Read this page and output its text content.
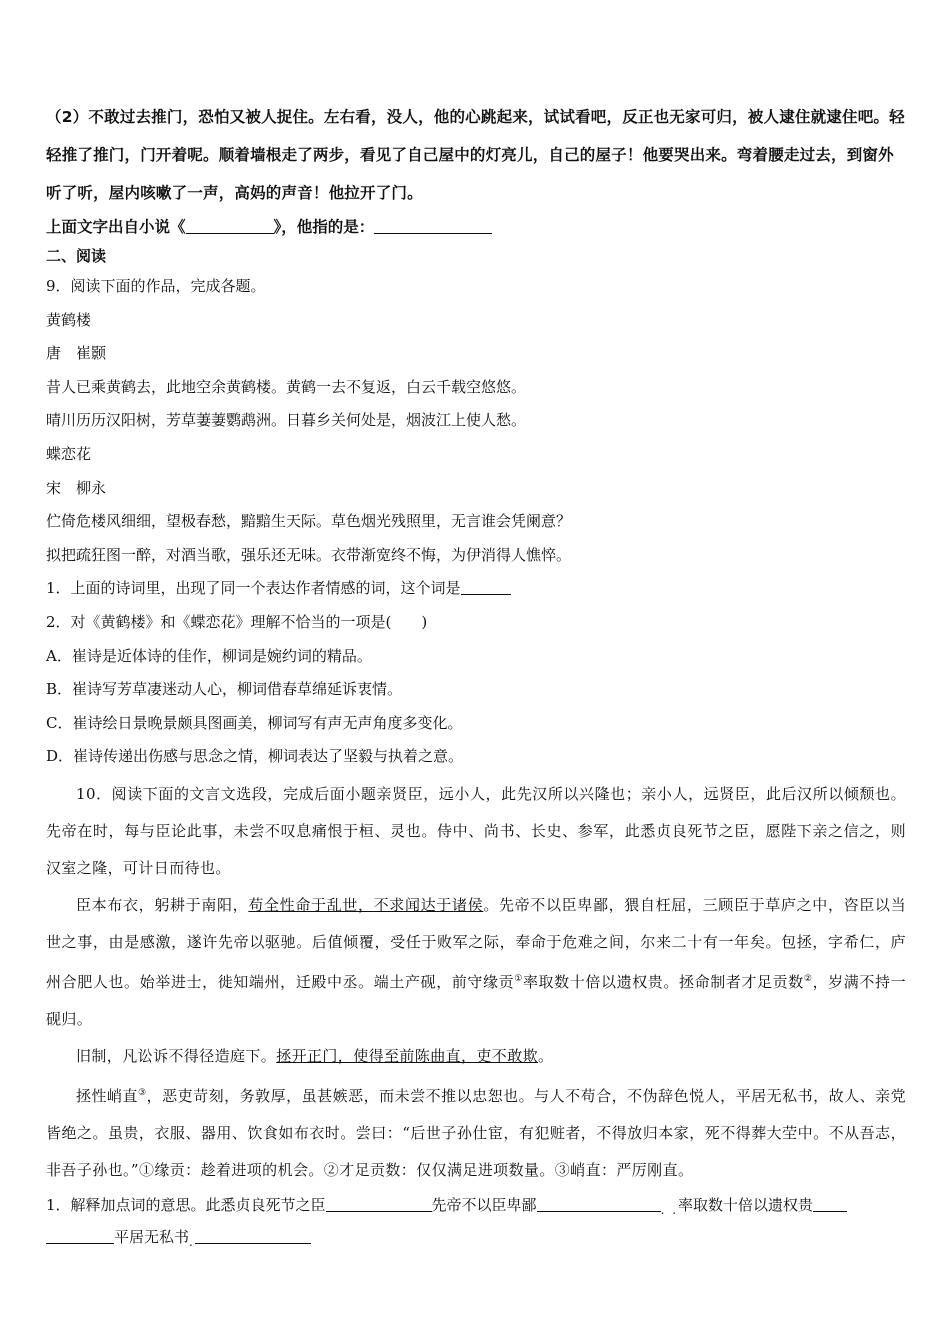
（2）不敢过去推门，恐怕又被人捉住。左右看，没人，他的心跳起来，试试看吧，反正也无家可归，被人逮住就逮住吧。轻轻推了推门，门开着呢。顺着墙根走了两步，看见了自己屋中的灯亮儿，自己的屋子！他要哭出来。弯着腰走过去，到窗外听了听，屋内咳嗽了一声，高妈的声音！他拉开了门。
上面文字出自小说《	》，他指的是：
二、阅读
9．阅读下面的作品，完成各题。
黄鹤楼
唐　崔颢
昔人已乘黄鹤去，此地空余黄鹤楼。黄鹤一去不复返，白云千载空悠悠。
晴川历历汉阳树，芳草萋萋鹦鹉洲。日暮乡关何处是，烟波江上使人愁。
蝶恋花
宋　柳永
伫倚危楼风细细，望极春愁，黯黯生天际。草色烟光残照里，无言谁会凭阑意？
拟把疏狂图一醉，对酒当歌，强乐还无味。衣带渐宽终不悔，为伊消得人憔悴。
1．上面的诗词里，出现了同一个表达作者情感的词，这个词是
2．对《黄鹤楼》和《蝶恋花》理解不恰当的一项是(　　)
A．崔诗是近体诗的佳作，柳词是婉约词的精品。
B．崔诗写芳草凄迷动人心，柳词借春草绵延诉衷情。
C．崔诗绘日景晚景颇具图画美，柳词写有声无声角度多变化。
D．崔诗传递出伤感与思念之情，柳词表达了坚毅与执着之意。
10．阅读下面的文言文选段，完成后面小题亲贤臣，远小人，此先汉所以兴隆也；亲小人，远贤臣，此后汉所以倾颓也。先帝在时，每与臣论此事，未尝不叹息痛恨于桓、灵也。侍中、尚书、长史、参军，此悉贞良死节之臣，愿陛下亲之信之，则汉室之隆，可计日而待也。
臣本布衣，躬耕于南阳，苟全性命于乱世，不求闻达于诸侯。先帝不以臣卑鄙，猥自枉屈，三顾臣于草庐之中，咨臣以当世之事，由是感激，遂许先帝以驱驰。后值倾覆，受任于败军之际，奉命于危难之间，尔来二十有一年矣。包拯，字希仁，庐州合肥人也。始举进士，徙知端州，迁殿中丞。端土产砚，前守缘贡①率取数十倍以遗权贵。拯命制者才足贡数②，岁满不持一砚归。
旧制，凡讼诉不得径造庭下。拯开正门，使得至前陈曲直，吏不敢欺。
拯性峭直③，恶吏苛刻，务敦厚，虽甚嫉恶，而未尝不推以忠恕也。与人不苟合，不伪辞色悦人，平居无私书，故人、亲党皆绝之。虽贵，衣服、器用、饮食如布衣时。尝曰：“后世子孙仕宦，有犯赃者，不得放归本家，死不得葬大茔中。不从吾志，非吾子孙也。”①缘贡：趁着进项的机会。②才足贡数：仅仅满足进项数量。③峭直：严厉刚直。
1．解释加点词的意思。此悉贞良死节之臣	先帝不以臣卑鄙	$_{. .}$率取数十倍以遗权贵
平居无私书$_.$
